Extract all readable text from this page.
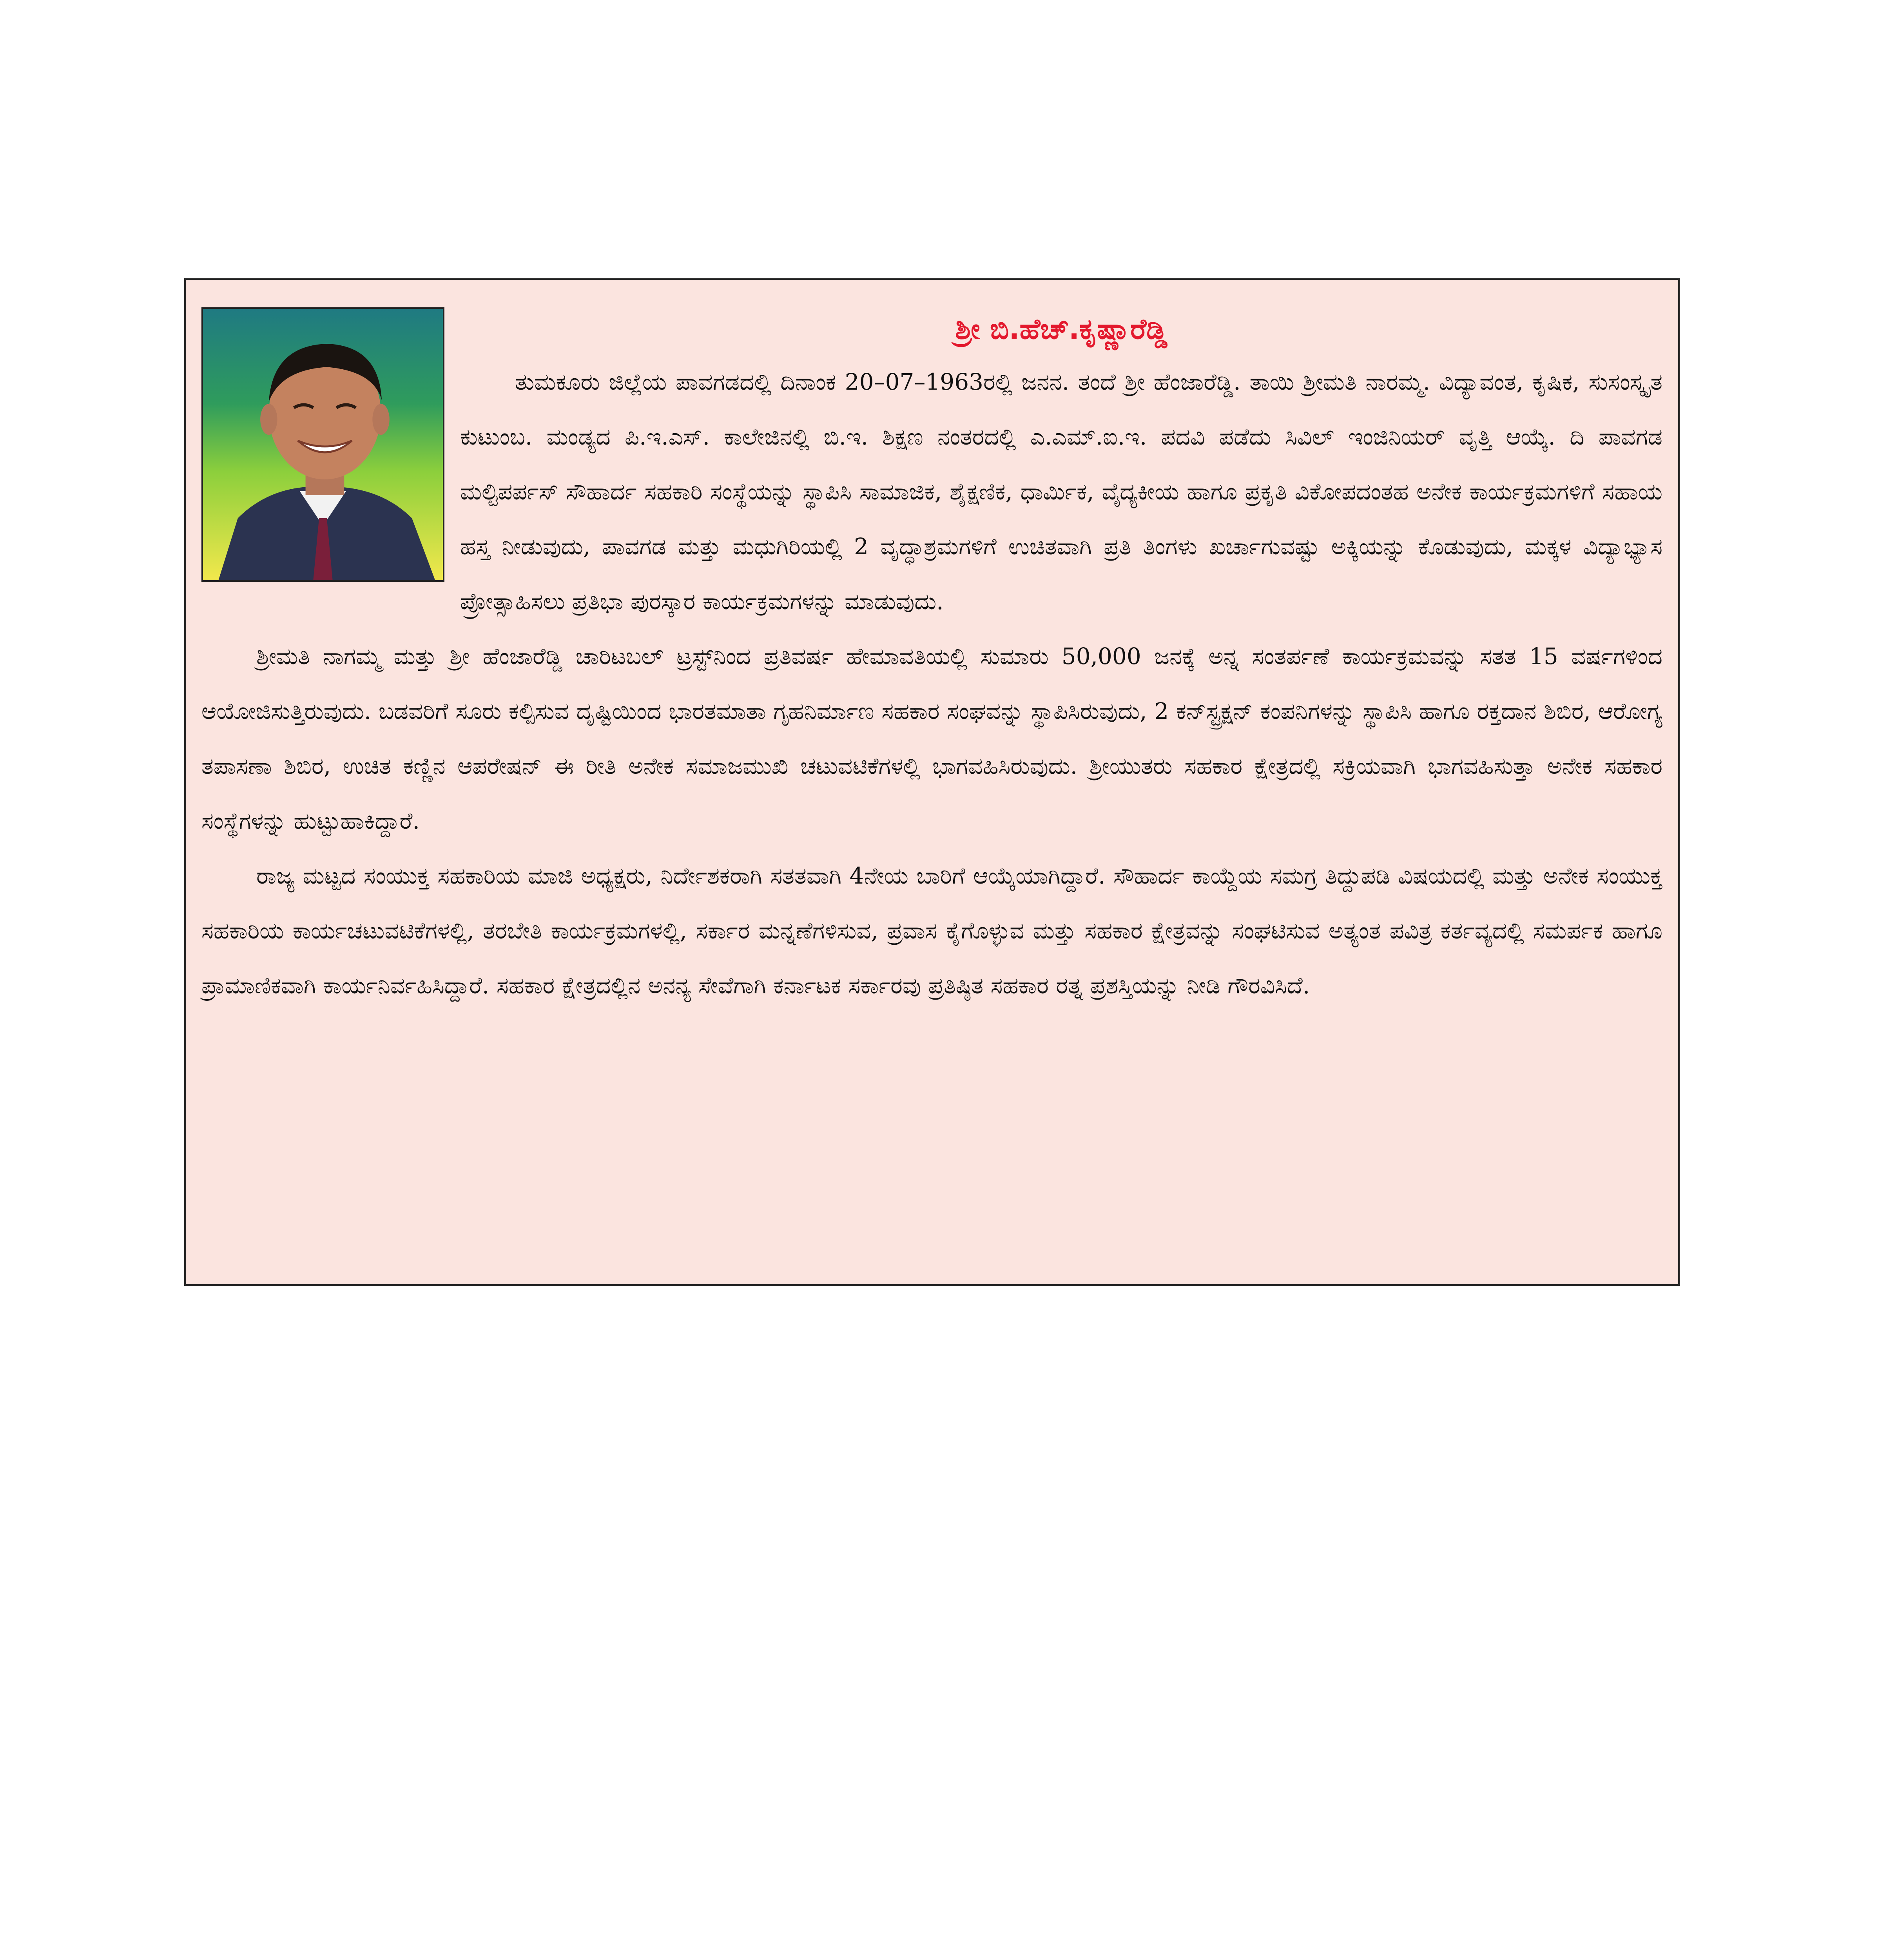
ಶ್ರೀ ಬಿ.ಹೆಚ್.ಕೃಷ್ಣಾರೆಡ್ಡಿ

ತುಮಕೂರು ಜಿಲ್ಲೆಯ ಪಾವಗಡದಲ್ಲಿ ದಿನಾಂಕ 20–07–1963ರಲ್ಲಿ ಜನನ. ತಂದೆ ಶ್ರೀ ಹೆಂಜಾರೆಡ್ಡಿ. ತಾಯಿ ಶ್ರೀಮತಿ ನಾರಮ್ಮ. ವಿದ್ಯಾವಂತ, ಕೃಷಿಕ, ಸುಸಂಸ್ಕೃತ ಕುಟುಂಬ. ಮಂಡ್ಯದ ಪಿ.ಇ.ಎಸ್. ಕಾಲೇಜಿನಲ್ಲಿ ಬಿ.ಇ. ಶಿಕ್ಷಣ ನಂತರದಲ್ಲಿ ಎ.ಎಮ್.ಐ.ಇ. ಪದವಿ ಪಡೆದು ಸಿವಿಲ್ ಇಂಜಿನಿಯರ್ ವೃತ್ತಿ ಆಯ್ಕೆ. ದಿ ಪಾವಗಡ ಮಲ್ಟಿಪರ್ಪಸ್ ಸೌಹಾರ್ದ ಸಹಕಾರಿ ಸಂಸ್ಥೆಯನ್ನು ಸ್ಥಾಪಿಸಿ ಸಾಮಾಜಿಕ, ಶೈಕ್ಷಣಿಕ, ಧಾರ್ಮಿಕ, ವೈದ್ಯಕೀಯ ಹಾಗೂ ಪ್ರಕೃತಿ ವಿಕೋಪದಂತಹ ಅನೇಕ ಕಾರ್ಯಕ್ರಮಗಳಿಗೆ ಸಹಾಯ ಹಸ್ತ ನೀಡುವುದು, ಪಾವಗಡ ಮತ್ತು ಮಧುಗಿರಿಯಲ್ಲಿ 2 ವೃದ್ಧಾಶ್ರಮಗಳಿಗೆ ಉಚಿತವಾಗಿ ಪ್ರತಿ ತಿಂಗಳು ಖರ್ಚಾಗುವಷ್ಟು ಅಕ್ಕಿಯನ್ನು ಕೊಡುವುದು, ಮಕ್ಕಳ ವಿದ್ಯಾಭ್ಯಾಸ ಪ್ರೋತ್ಸಾಹಿಸಲು ಪ್ರತಿಭಾ ಪುರಸ್ಕಾರ ಕಾರ್ಯಕ್ರಮಗಳನ್ನು ಮಾಡುವುದು.

ಶ್ರೀಮತಿ ನಾಗಮ್ಮ ಮತ್ತು ಶ್ರೀ ಹೆಂಜಾರೆಡ್ಡಿ ಚಾರಿಟಬಲ್ ಟ್ರಸ್ಟ್‌ನಿಂದ ಪ್ರತಿವರ್ಷ ಹೇಮಾವತಿಯಲ್ಲಿ ಸುಮಾರು 50,000 ಜನಕ್ಕೆ ಅನ್ನ ಸಂತರ್ಪಣೆ ಕಾರ್ಯಕ್ರಮವನ್ನು ಸತತ 15 ವರ್ಷಗಳಿಂದ ಆಯೋಜಿಸುತ್ತಿರುವುದು. ಬಡವರಿಗೆ ಸೂರು ಕಲ್ಪಿಸುವ ದೃಷ್ಟಿಯಿಂದ ಭಾರತಮಾತಾ ಗೃಹನಿರ್ಮಾಣ ಸಹಕಾರ ಸಂಘವನ್ನು ಸ್ಥಾಪಿಸಿರುವುದು, 2 ಕನ್‌ಸ್ಟ್ರಕ್ಷನ್ ಕಂಪನಿಗಳನ್ನು ಸ್ಥಾಪಿಸಿ ಹಾಗೂ ರಕ್ತದಾನ ಶಿಬಿರ, ಆರೋಗ್ಯ ತಪಾಸಣಾ ಶಿಬಿರ, ಉಚಿತ ಕಣ್ಣಿನ ಆಪರೇಷನ್ ಈ ರೀತಿ ಅನೇಕ ಸಮಾಜಮುಖಿ ಚಟುವಟಿಕೆಗಳಲ್ಲಿ ಭಾಗವಹಿಸಿರುವುದು. ಶ್ರೀಯುತರು ಸಹಕಾರ ಕ್ಷೇತ್ರದಲ್ಲಿ ಸಕ್ರಿಯವಾಗಿ ಭಾಗವಹಿಸುತ್ತಾ ಅನೇಕ ಸಹಕಾರ ಸಂಸ್ಥೆಗಳನ್ನು ಹುಟ್ಟುಹಾಕಿದ್ದಾರೆ.

ರಾಜ್ಯ ಮಟ್ಟದ ಸಂಯುಕ್ತ ಸಹಕಾರಿಯ ಮಾಜಿ ಅಧ್ಯಕ್ಷರು, ನಿರ್ದೇಶಕರಾಗಿ ಸತತವಾಗಿ 4ನೇಯ ಬಾರಿಗೆ ಆಯ್ಕೆಯಾಗಿದ್ದಾರೆ. ಸೌಹಾರ್ದ ಕಾಯ್ದೆಯ ಸಮಗ್ರ ತಿದ್ದುಪಡಿ ವಿಷಯದಲ್ಲಿ ಮತ್ತು ಅನೇಕ ಸಂಯುಕ್ತ ಸಹಕಾರಿಯ ಕಾರ್ಯಚಟುವಟಿಕೆಗಳಲ್ಲಿ, ತರಬೇತಿ ಕಾರ್ಯಕ್ರಮಗಳಲ್ಲಿ, ಸರ್ಕಾರ ಮನ್ನಣೆಗಳಿಸುವ, ಪ್ರವಾಸ ಕೈಗೊಳ್ಳುವ ಮತ್ತು ಸಹಕಾರ ಕ್ಷೇತ್ರವನ್ನು ಸಂಘಟಿಸುವ ಅತ್ಯಂತ ಪವಿತ್ರ ಕರ್ತವ್ಯದಲ್ಲಿ ಸಮರ್ಪಕ ಹಾಗೂ ಪ್ರಾಮಾಣಿಕವಾಗಿ ಕಾರ್ಯನಿರ್ವಹಿಸಿದ್ದಾರೆ. ಸಹಕಾರ ಕ್ಷೇತ್ರದಲ್ಲಿನ ಅನನ್ಯ ಸೇವೆಗಾಗಿ ಕರ್ನಾಟಕ ಸರ್ಕಾರವು ಪ್ರತಿಷ್ಠಿತ ಸಹಕಾರ ರತ್ನ ಪ್ರಶಸ್ತಿಯನ್ನು ನೀಡಿ ಗೌರವಿಸಿದೆ.
